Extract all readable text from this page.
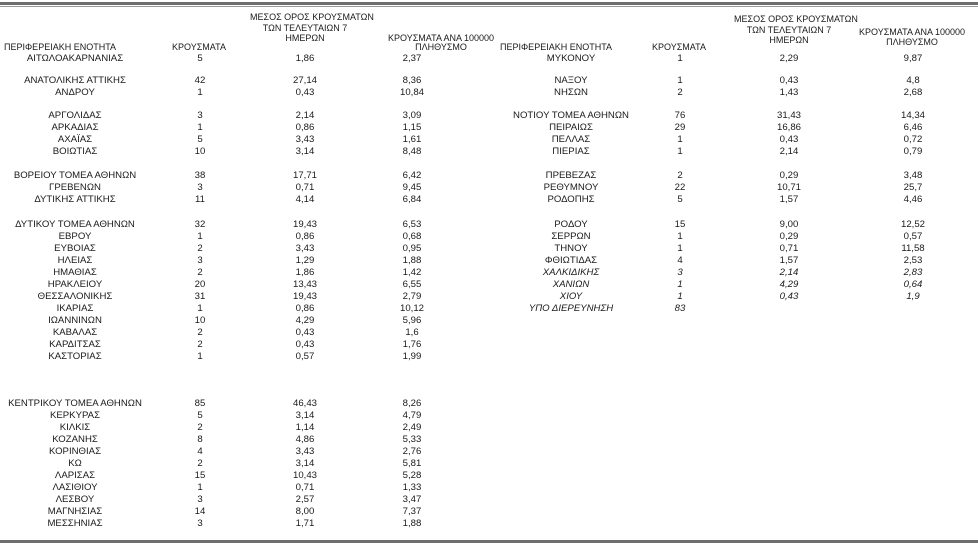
ΠΕΡΙΦΕΡΕΙΑΚΗ ΕΝΟΤΗΤΑ	ΚΡΟΥΣΜΑΤΑ
ΜΕΣΟΣ ΟΡΟΣ ΚΡΟΥΣΜΑΤΩΝ
ΤΩΝ ΤΕΛΕΥΤΑΙΩΝ 7
ΗΜΕΡΩΝ	ΚΡΟΥΣΜΑΤΑ ΑΝΑ 100000
ΠΛΗΘΥΣΜΟ	ΠΕΡΙΦΕΡΕΙΑΚΗ ΕΝΟΤΗΤΑ	ΚΡΟΥΣΜΑΤΑ
ΜΕΣΟΣ ΟΡΟΣ ΚΡΟΥΣΜΑΤΩΝ
ΤΩΝ ΤΕΛΕΥΤΑΙΩΝ 7
ΗΜΕΡΩΝ
ΚΡΟΥΣΜΑΤΑ ΑΝΑ 100000
ΠΛΗΘΥΣΜΟ
ΑΙΤΩΛΟΑΚΑΡΝΑΝΙΑΣ	5	1,86	2,37
ΑΝΑΤΟΛΙΚΗΣ ΑΤΤΙΚΗΣ	42	27,14	8,36
ΑΝΔΡΟΥ	1	0,43	10,84
ΑΡΓΟΛΙΔΑΣ	3	2,14	3,09
ΑΡΚΑΔΙΑΣ	1	0,86	1,15
ΑΧΑΪΑΣ	5	3,43	1,61
ΒΟΙΩΤΙΑΣ	10	3,14	8,48
ΒΟΡΕΙΟΥ ΤΟΜΕΑ ΑΘΗΝΩΝ	38	17,71	6,42
ΓΡΕΒΕΝΩΝ	3	0,71	9,45
ΔΥΤΙΚΗΣ ΑΤΤΙΚΗΣ	11	4,14	6,84
ΔΥΤΙΚΟΥ ΤΟΜΕΑ ΑΘΗΝΩΝ	32	19,43	6,53
ΕΒΡΟΥ	1	0,86	0,68
ΕΥΒΟΙΑΣ	2	3,43	0,95
ΗΛΕΙΑΣ	3	1,29	1,88
ΗΜΑΘΙΑΣ	2	1,86	1,42
ΗΡΑΚΛΕΙΟΥ	20	13,43	6,55
ΘΕΣΣΑΛΟΝΙΚΗΣ	31	19,43	2,79
ΙΚΑΡΙΑΣ	1	0,86	10,12
ΙΩΑΝΝΙΝΩΝ	10	4,29	5,96
ΚΑΒΑΛΑΣ	2	0,43	1,6
ΚΑΡΔΙΤΣΑΣ	2	0,43	1,76
ΚΑΣΤΟΡΙΑΣ	1	0,57	1,99
ΚΕΝΤΡΙΚΟΥ ΤΟΜΕΑ ΑΘΗΝΩΝ	85	46,43	8,26
ΚΕΡΚΥΡΑΣ	5	3,14	4,79
ΚΙΛΚΙΣ	2	1,14	2,49
ΚΟΖΑΝΗΣ	8	4,86	5,33
ΚΟΡΙΝΘΙΑΣ	4	3,43	2,76
ΚΩ	2	3,14	5,81
ΛΑΡΙΣΑΣ	15	10,43	5,28
ΛΑΣΙΘΙΟΥ	1	0,71	1,33
ΛΕΣΒΟΥ	3	2,57	3,47
ΜΑΓΝΗΣΙΑΣ	14	8,00	7,37
ΜΕΣΣΗΝΙΑΣ	3	1,71	1,88
ΜΥΚΟΝΟΥ	1	2,29	9,87
ΝΑΞΟΥ	1	0,43	4,8
ΝΗΣΩΝ	2	1,43	2,68
ΝΟΤΙΟΥ ΤΟΜΕΑ ΑΘΗΝΩΝ	76	31,43	14,34
ΠΕΙΡΑΙΩΣ	29	16,86	6,46
ΠΕΛΛΑΣ	1	0,43	0,72
ΠΙΕΡΙΑΣ	1	2,14	0,79
ΠΡΕΒΕΖΑΣ	2	0,29	3,48
ΡΕΘΥΜΝΟΥ	22	10,71	25,7
ΡΟΔΟΠΗΣ	5	1,57	4,46
ΡΟΔΟΥ	15	9,00	12,52
ΣΕΡΡΩΝ	1	0,29	0,57
ΤΗΝΟΥ	1	0,71	11,58
ΦΘΙΩΤΙΔΑΣ	4	1,57	2,53
ΧΑΛΚΙΔΙΚΗΣ	3	2,14	2,83
ΧΑΝΙΩΝ	1	4,29	0,64
ΧΙΟΥ	1	0,43	1,9
ΥΠΟ ΔΙΕΡΕΥΝΗΣΗ	83
